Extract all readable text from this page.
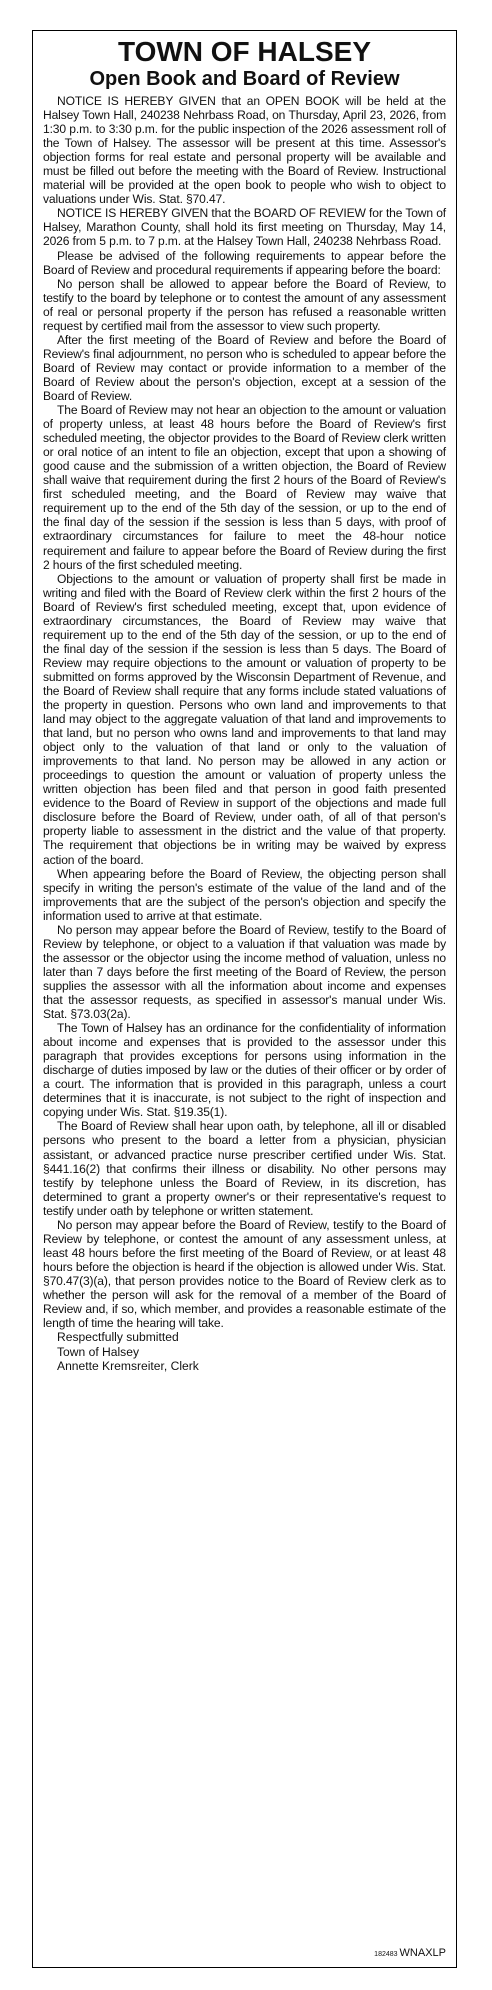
TOWN OF HALSEY
Open Book and Board of Review

NOTICE IS HEREBY GIVEN that an OPEN BOOK will be held at the Halsey Town Hall, 240238 Nehrbass Road, on Thursday, April 23, 2026, from 1:30 p.m. to 3:30 p.m. for the public inspection of the 2026 assessment roll of the Town of Halsey. The assessor will be present at this time. Assessor's objection forms for real estate and personal property will be available and must be filled out before the meeting with the Board of Review. Instructional material will be provided at the open book to people who wish to object to valuations under Wis. Stat. §70.47.

NOTICE IS HEREBY GIVEN that the BOARD OF REVIEW for the Town of Halsey, Marathon County, shall hold its first meeting on Thursday, May 14, 2026 from 5 p.m. to 7 p.m. at the Halsey Town Hall, 240238 Nehrbass Road.

Please be advised of the following requirements to appear before the Board of Review and procedural requirements if appearing before the board:

No person shall be allowed to appear before the Board of Review, to testify to the board by telephone or to contest the amount of any assessment of real or personal property if the person has refused a reasonable written request by certified mail from the assessor to view such property.

After the first meeting of the Board of Review and before the Board of Review's final adjournment, no person who is scheduled to appear before the Board of Review may contact or provide information to a member of the Board of Review about the person's objection, except at a session of the Board of Review.

The Board of Review may not hear an objection to the amount or valuation of property unless, at least 48 hours before the Board of Review's first scheduled meeting, the objector provides to the Board of Review clerk written or oral notice of an intent to file an objection, except that upon a showing of good cause and the submission of a written objection, the Board of Review shall waive that requirement during the first 2 hours of the Board of Review's first scheduled meeting, and the Board of Review may waive that requirement up to the end of the 5th day of the session, or up to the end of the final day of the session if the session is less than 5 days, with proof of extraordinary circumstances for failure to meet the 48-hour notice requirement and failure to appear before the Board of Review during the first 2 hours of the first scheduled meeting.

Objections to the amount or valuation of property shall first be made in writing and filed with the Board of Review clerk within the first 2 hours of the Board of Review's first scheduled meeting, except that, upon evidence of extraordinary circumstances, the Board of Review may waive that requirement up to the end of the 5th day of the session, or up to the end of the final day of the session if the session is less than 5 days. The Board of Review may require objections to the amount or valuation of property to be submitted on forms approved by the Wisconsin Department of Revenue, and the Board of Review shall require that any forms include stated valuations of the property in question. Persons who own land and improvements to that land may object to the aggregate valuation of that land and improvements to that land, but no person who owns land and improvements to that land may object only to the valuation of that land or only to the valuation of improvements to that land. No person may be allowed in any action or proceedings to question the amount or valuation of property unless the written objection has been filed and that person in good faith presented evidence to the Board of Review in support of the objections and made full disclosure before the Board of Review, under oath, of all of that person's property liable to assessment in the district and the value of that property. The requirement that objections be in writing may be waived by express action of the board.

When appearing before the Board of Review, the objecting person shall specify in writing the person's estimate of the value of the land and of the improvements that are the subject of the person's objection and specify the information used to arrive at that estimate.

No person may appear before the Board of Review, testify to the Board of Review by telephone, or object to a valuation if that valuation was made by the assessor or the objector using the income method of valuation, unless no later than 7 days before the first meeting of the Board of Review, the person supplies the assessor with all the information about income and expenses that the assessor requests, as specified in assessor's manual under Wis. Stat. §73.03(2a).

The Town of Halsey has an ordinance for the confidentiality of information about income and expenses that is provided to the assessor under this paragraph that provides exceptions for persons using information in the discharge of duties imposed by law or the duties of their officer or by order of a court. The information that is provided in this paragraph, unless a court determines that it is inaccurate, is not subject to the right of inspection and copying under Wis. Stat. §19.35(1).

The Board of Review shall hear upon oath, by telephone, all ill or disabled persons who present to the board a letter from a physician, physician assistant, or advanced practice nurse prescriber certified under Wis. Stat. §441.16(2) that confirms their illness or disability. No other persons may testify by telephone unless the Board of Review, in its discretion, has determined to grant a property owner's or their representative's request to testify under oath by telephone or written statement.

No person may appear before the Board of Review, testify to the Board of Review by telephone, or contest the amount of any assessment unless, at least 48 hours before the first meeting of the Board of Review, or at least 48 hours before the objection is heard if the objection is allowed under Wis. Stat. §70.47(3)(a), that person provides notice to the Board of Review clerk as to whether the person will ask for the removal of a member of the Board of Review and, if so, which member, and provides a reasonable estimate of the length of time the hearing will take.

Respectfully submitted
Town of Halsey
Annette Kremsreiter, Clerk
182483 WNAXLP
